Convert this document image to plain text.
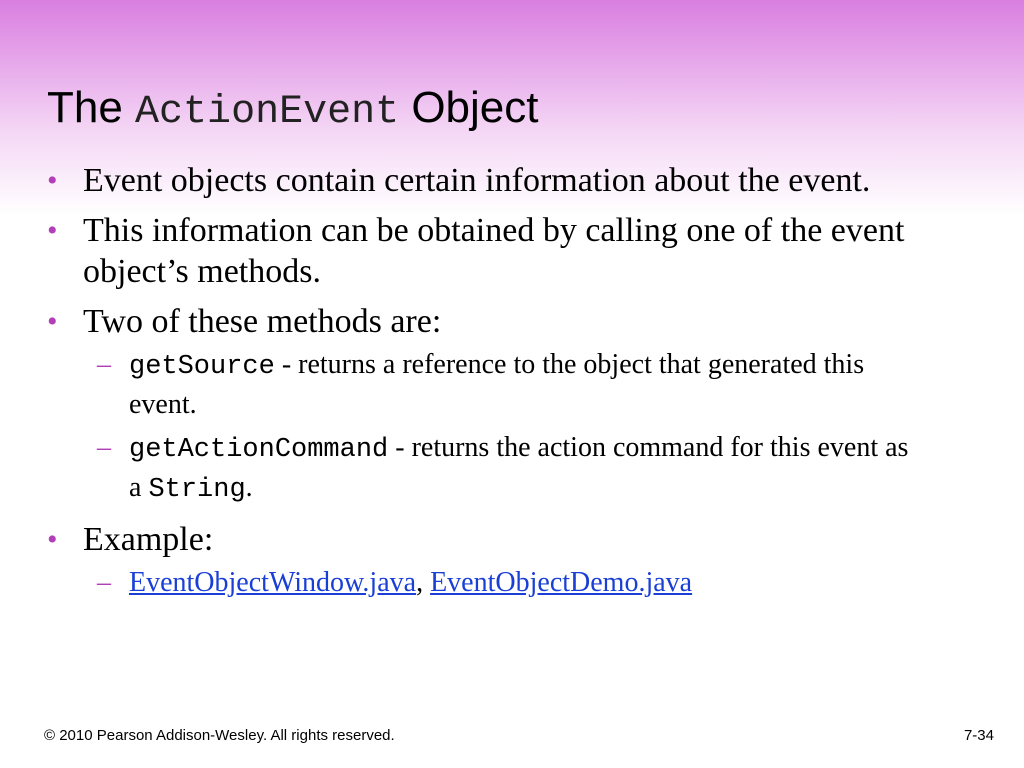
The ActionEvent Object
• Event objects contain certain information about the event.
• This information can be obtained by calling one of the event object’s methods.
• Two of these methods are:
– getSource - returns a reference to the object that generated this event.
– getActionCommand - returns the action command for this event as a String.
• Example:
– EventObjectWindow.java, EventObjectDemo.java
© 2010 Pearson Addison-Wesley. All rights reserved.	7-34
